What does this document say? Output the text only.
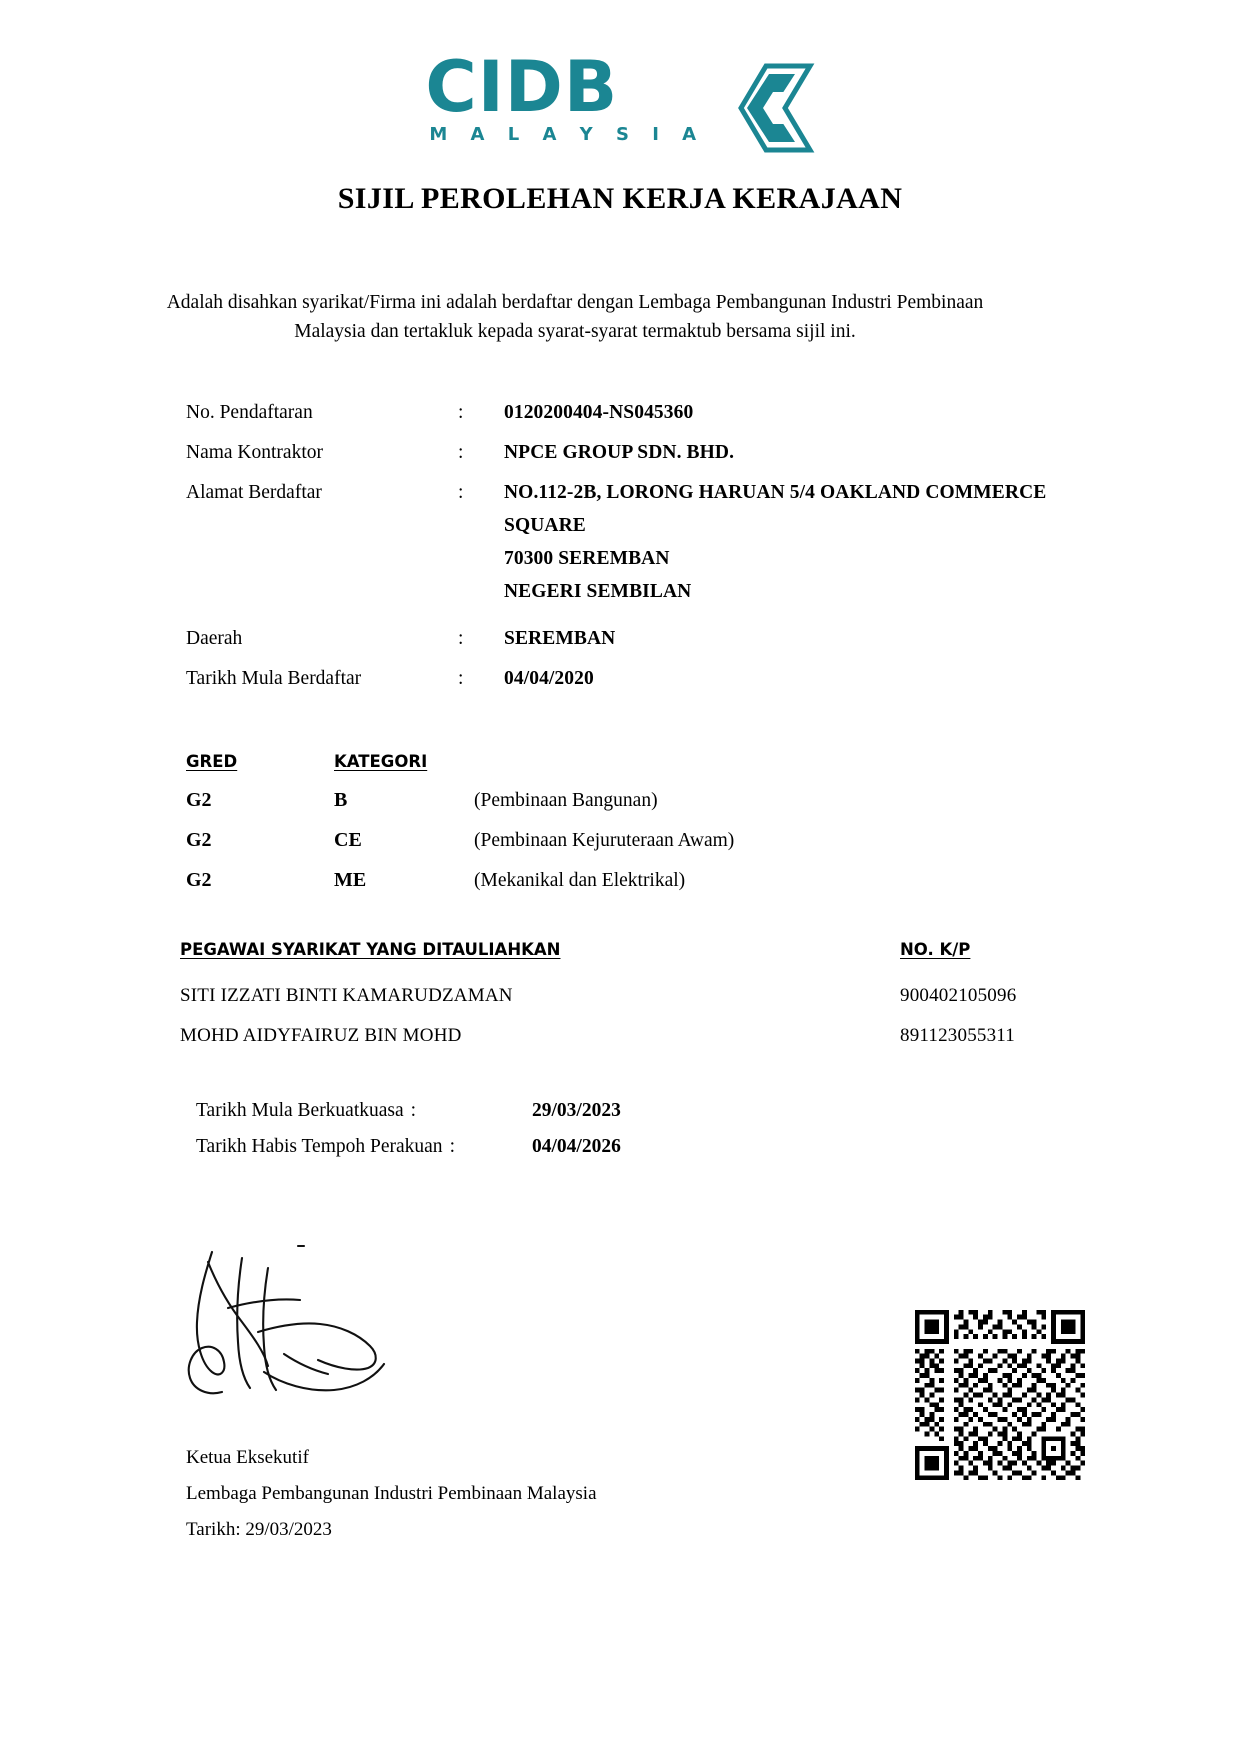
CIDB
M A L A Y S I A
SIJIL PEROLEHAN KERJA KERAJAAN
Adalah disahkan syarikat/Firma ini adalah berdaftar dengan Lembaga Pembangunan Industri Pembinaan Malaysia dan tertakluk kepada syarat-syarat termaktub bersama sijil ini.
No. Pendaftaran	:	0120200404-NS045360
Nama Kontraktor	:	NPCE GROUP SDN. BHD.
Alamat Berdaftar	:	NO.112-2B, LORONG HARUAN 5/4 OAKLAND COMMERCE
SQUARE
70300 SEREMBAN
NEGERI SEMBILAN
Daerah	:	SEREMBAN
Tarikh Mula Berdaftar	:	04/04/2020
GRED	KATEGORI
G2	B	(Pembinaan Bangunan)
G2	CE	(Pembinaan Kejuruteraan Awam)
G2	ME	(Mekanikal dan Elektrikal)
PEGAWAI SYARIKAT YANG DITAULIAHKAN	NO. K/P
SITI IZZATI BINTI KAMARUDZAMAN	900402105096
MOHD AIDYFAIRUZ BIN MOHD	891123055311
Tarikh Mula Berkuatkuasa :	29/03/2023
Tarikh Habis Tempoh Perakuan :	04/04/2026
Ketua Eksekutif
Lembaga Pembangunan Industri Pembinaan Malaysia
Tarikh: 29/03/2023
